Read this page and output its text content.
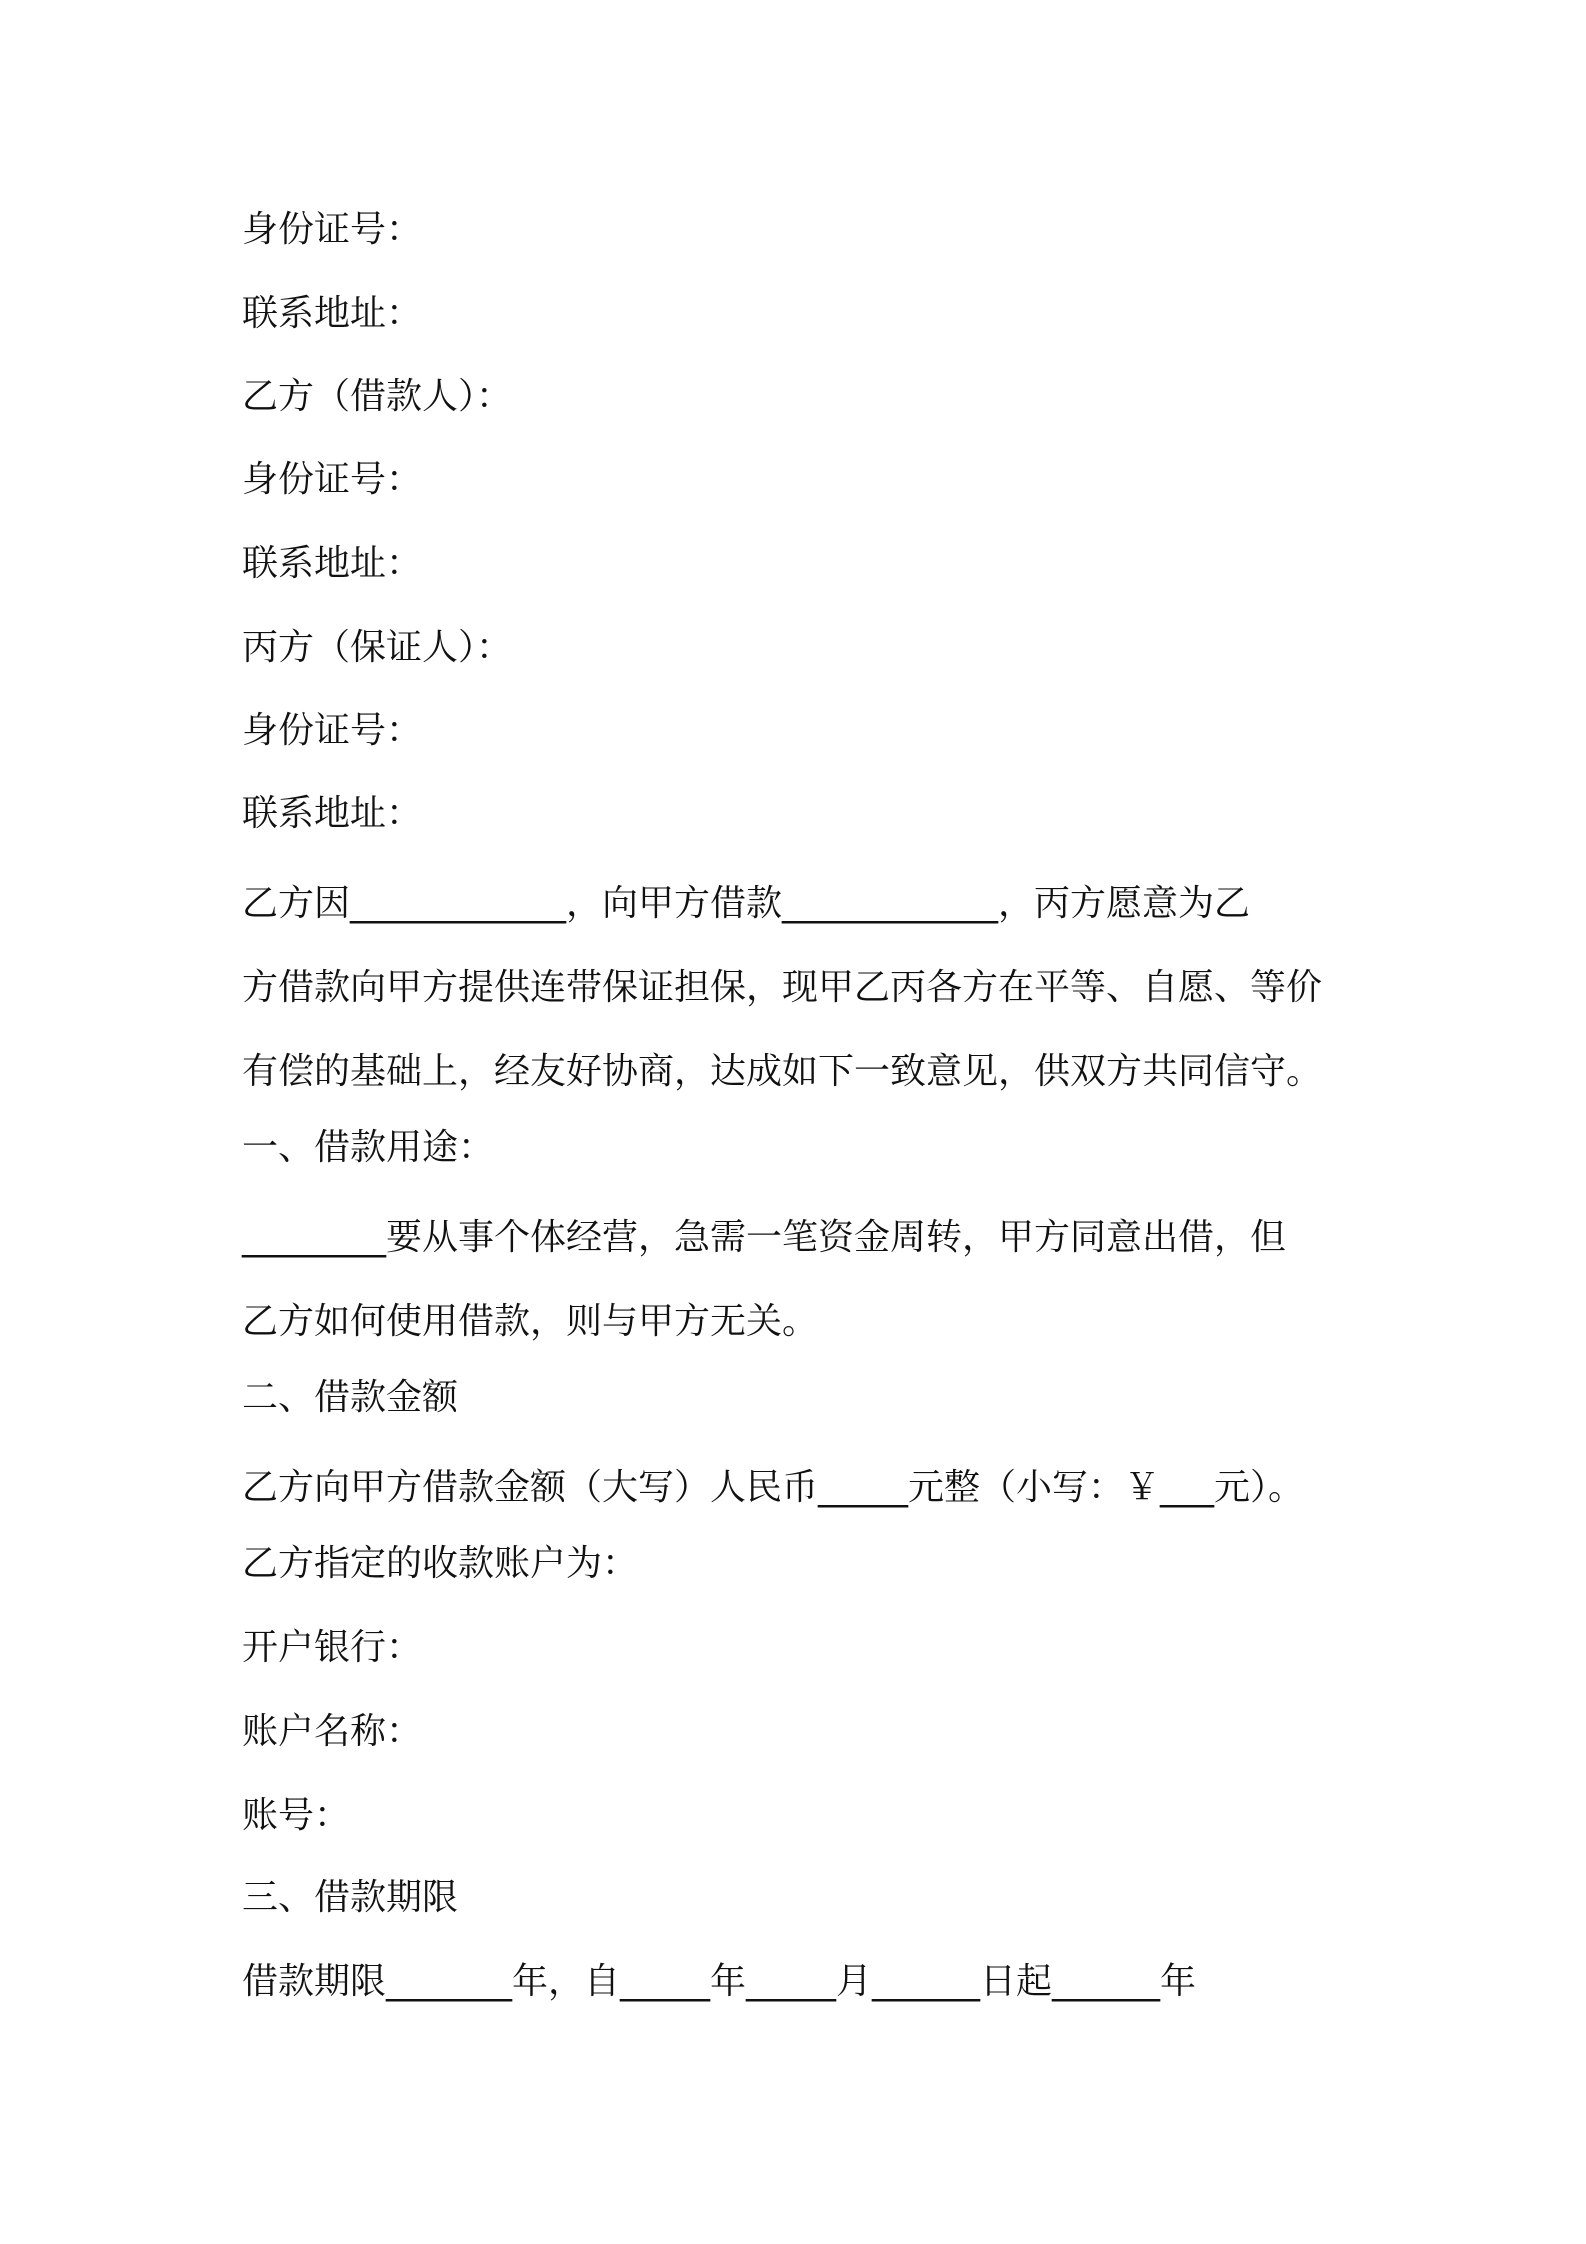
身份证号：
联系地址：
乙方（借款人）：
身份证号：
联系地址：
丙方（保证人）：
身份证号：
联系地址：
乙方因____________，向甲方借款____________，丙方愿意为乙
方借款向甲方提供连带保证担保，现甲乙丙各方在平等、自愿、等价
有偿的基础上，经友好协商，达成如下一致意见，供双方共同信守。
一、借款用途：
________要从事个体经营，急需一笔资金周转，甲方同意出借，但
乙方如何使用借款，则与甲方无关。
二、借款金额
乙方向甲方借款金额（大写）人民币_____元整（小写：￥___元）。
乙方指定的收款账户为：
开户银行：
账户名称：
账号：
三、借款期限
借款期限_______年，自_____年_____月______日起______年
